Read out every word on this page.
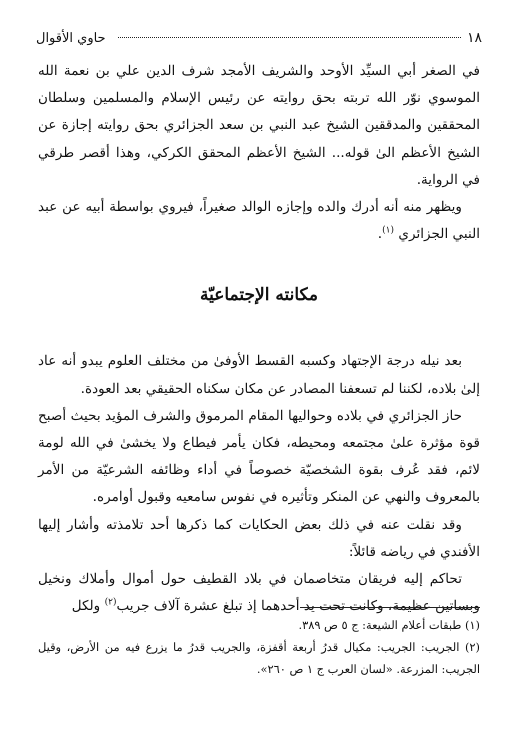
١٨
حاوي الأقوال

في الصغر أبي السيِّد الأوحد والشريف الأمجد شرف الدين علي بن نعمة الله الموسوي نوّر الله تربته بحق روايته عن رئيس الإسلام والمسلمين وسلطان المحققين والمدققين الشيخ عبد النبي بن سعد الجزائري بحق روايته إجازة عن الشيخ الأعظم الىٰ قوله... الشيخ الأعظم المحقق الكركي، وهذا أقصر طرقي في الرواية.

ويظهر منه أنه أدرك والده وإجازه الوالد صغيراً، فيروي بواسطة أبيه عن عبد النبي الجزائري $^{(١)}$.

مكانته الإجتماعيّة

بعد نيله درجة الإجتهاد وكسبه القسط الأوفىٰ من مختلف العلوم يبدو أنه عاد إلىٰ بلاده، لكننا لم تسعفنا المصادر عن مكان سكناه الحقيقي بعد العودة.

حاز الجزائري في بلاده وحواليها المقام المرموق والشرف المؤيد بحيث أصبح قوة مؤثرة علىٰ مجتمعه ومحيطه، فكان يأمر فيطاع ولا يخشىٰ في الله لومة لائم، فقد عُرف بقوة الشخصيّة خصوصاً في أداء وظائفه الشرعيّة من الأمر بالمعروف والنهي عن المنكر وتأثيره في نفوس سامعيه وقبول أوامره.

وقد نقلت عنه في ذلك بعض الحكايات كما ذكرها أحد تلامذته وأشار إليها الأفندي في رياضه قائلاً:

تحاكم إليه فريقان متخاصمان في بلاد القطيف حول أموال وأملاك ونخيل وبساتين عظيمة، وكانت تحت يد أحدهما إذ تبلغ عشرة آلاف جريب$^{(٢)}$ ولكل

(١) طبقات أعلام الشيعة: ج ٥ ص ٣٨٩.

(٢) الجريب: الجريب: مكيال قدرُ أربعة أقفزة، والجريب قدرُ ما يزرع فيه من الأرض، وقيل الجريب: المزرعة. «لسان العرب ج ١ ص ٢٦٠».
